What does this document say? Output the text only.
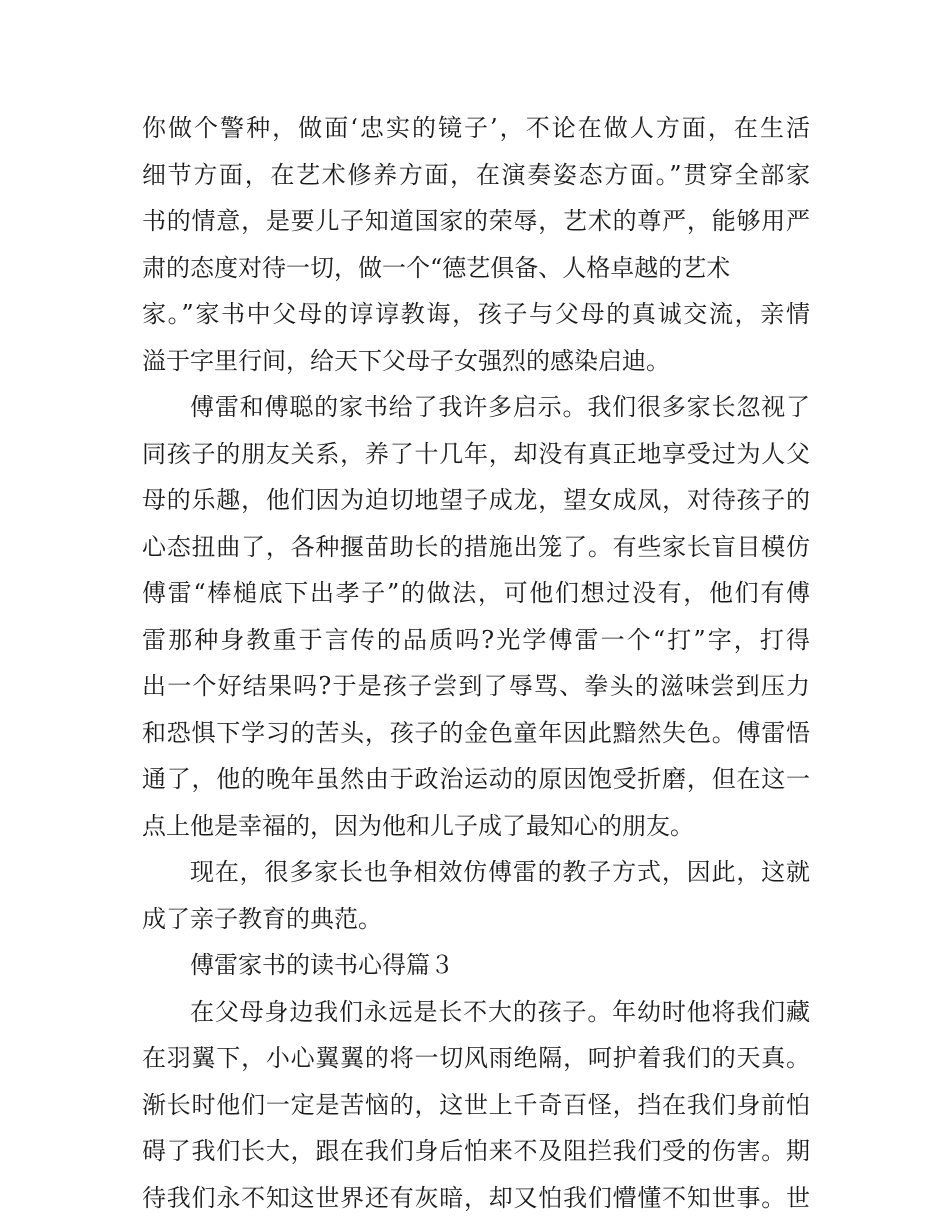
你做个警种，做面‘忠实的镜子’，不论在做人方面，在生活
细节方面，在艺术修养方面，在演奏姿态方面。”贯穿全部家
书的情意，是要儿子知道国家的荣辱，艺术的尊严，能够用严
肃的态度对待一切，做一个“德艺俱备、人格卓越的艺术
家。”家书中父母的谆谆教诲，孩子与父母的真诚交流，亲情
溢于字里行间，给天下父母子女强烈的感染启迪。
傅雷和傅聪的家书给了我许多启示。我们很多家长忽视了
同孩子的朋友关系，养了十几年，却没有真正地享受过为人父
母的乐趣，他们因为迫切地望子成龙，望女成凤，对待孩子的
心态扭曲了，各种揠苗助长的措施出笼了。有些家长盲目模仿
傅雷“棒槌底下出孝子”的做法，可他们想过没有，他们有傅
雷那种身教重于言传的品质吗?光学傅雷一个“打”字，打得
出一个好结果吗?于是孩子尝到了辱骂、拳头的滋味尝到压力
和恐惧下学习的苦头，孩子的金色童年因此黯然失色。傅雷悟
通了，他的晚年虽然由于政治运动的原因饱受折磨，但在这一
点上他是幸福的，因为他和儿子成了最知心的朋友。
现在，很多家长也争相效仿傅雷的教子方式，因此，这就
成了亲子教育的典范。
傅雷家书的读书心得篇３
在父母身边我们永远是长不大的孩子。年幼时他将我们藏
在羽翼下，小心翼翼的将一切风雨绝隔，呵护着我们的天真。
渐长时他们一定是苦恼的，这世上千奇百怪，挡在我们身前怕
碍了我们长大，跟在我们身后怕来不及阻拦我们受的伤害。期
待我们永不知这世界还有灰暗，却又怕我们懵懂不知世事。世
